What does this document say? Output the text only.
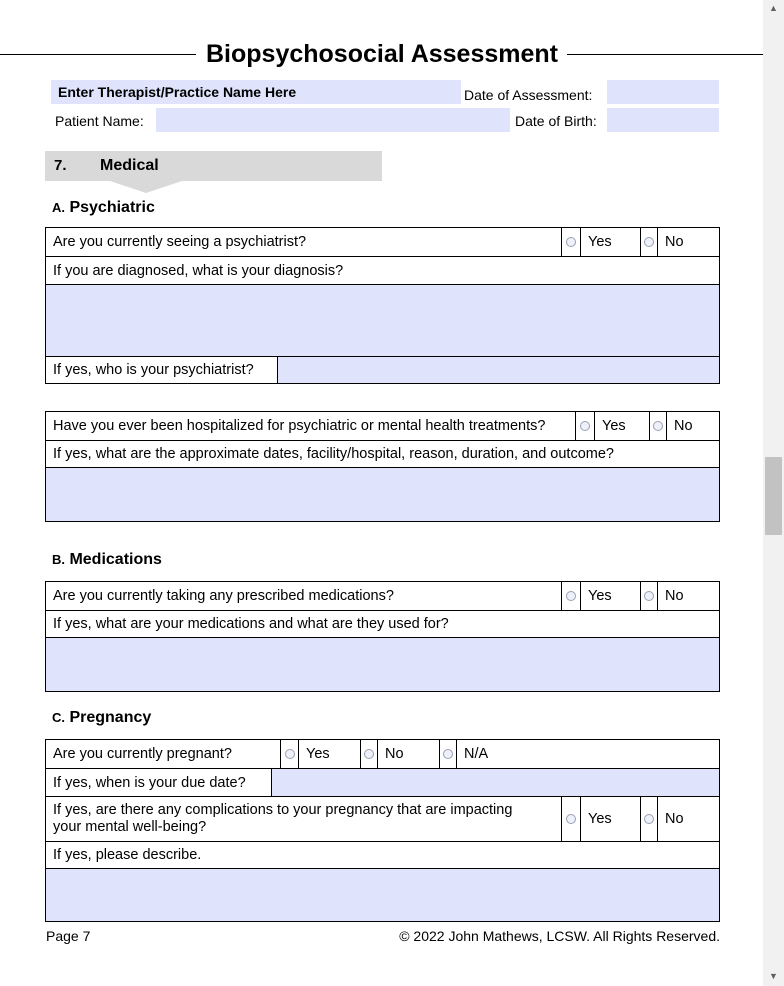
Biopsychosocial Assessment
Enter Therapist/Practice Name Here	Date of Assessment:
Patient Name:	Date of Birth:
7. Medical
A. Psychiatric
Are you currently seeing a psychiatrist?	Yes	No
If you are diagnosed, what is your diagnosis?
If yes, who is your psychiatrist?
Have you ever been hospitalized for psychiatric or mental health treatments?	Yes	No
If yes, what are the approximate dates, facility/hospital, reason, duration, and outcome?
B. Medications
Are you currently taking any prescribed medications?	Yes	No
If yes, what are your medications and what are they used for?
C. Pregnancy
Are you currently pregnant?	Yes	No	N/A
If yes, when is your due date?
If yes, are there any complications to your pregnancy that are impacting your mental well-being?	Yes	No
If yes, please describe.
Page 7	© 2022 John Mathews, LCSW. All Rights Reserved.
▲
▼
